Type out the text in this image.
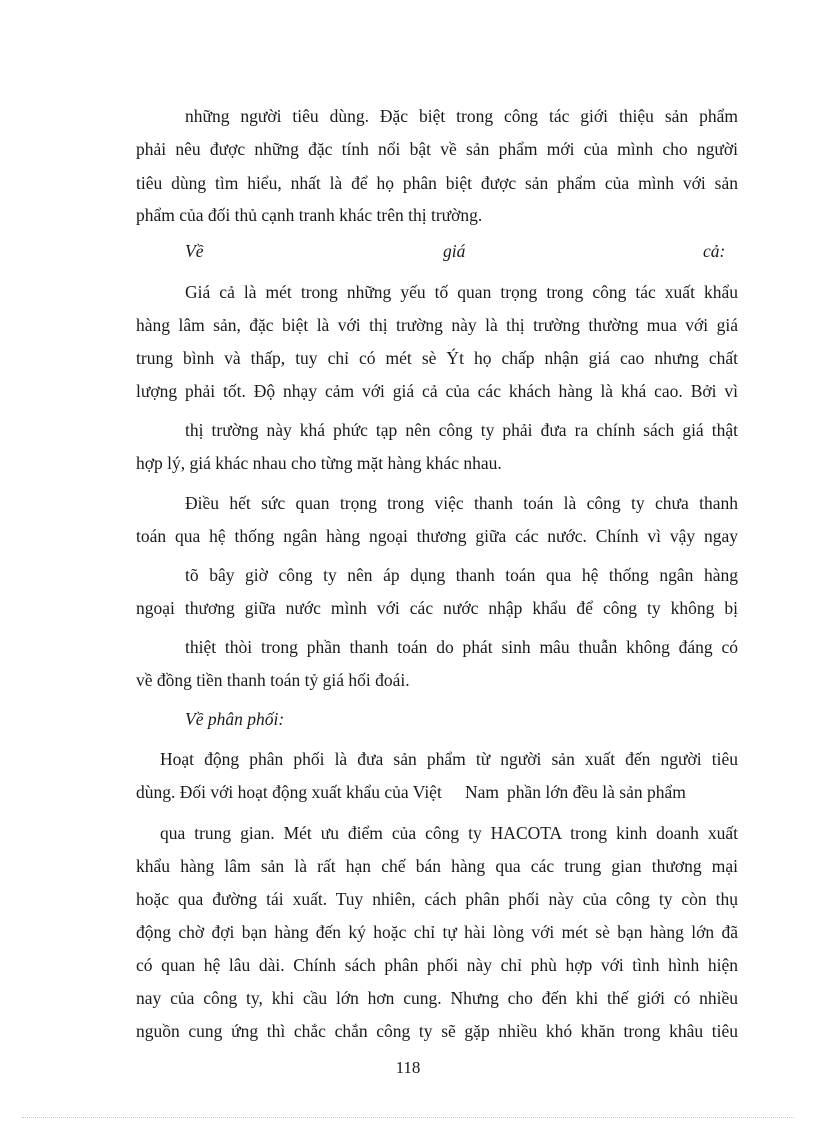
những người tiêu dùng. Đặc biệt trong công tác giới thiệu sản phẩm
phải nêu được những đặc tính nổi bật về sản phẩm mới của mình cho người
tiêu dùng tìm hiểu, nhất là để họ phân biệt được sản phẩm của mình với sản
phẩm của đối thủ cạnh tranh khác trên thị trường.
Về	giá	cả:
Giá cả là mét trong những yếu tố quan trọng trong công tác xuất khẩu
hàng lâm sản, đặc biệt là với thị trường này là thị trường thường mua với giá
trung bình và thấp, tuy chỉ có mét sè Ýt họ chấp nhận giá cao nhưng chất
lượng phải tốt. Độ nhạy cảm với giá cả của các khách hàng là khá cao. Bởi vì
thị trường này khá phức tạp nên công ty phải đưa ra chính sách giá thật
hợp lý, giá khác nhau cho từng mặt hàng khác nhau.
Điều hết sức quan trọng trong việc thanh toán là công ty chưa thanh
toán qua hệ thống ngân hàng ngoại thương giữa các nước. Chính vì vậy ngay
tõ bây giờ công ty nên áp dụng thanh toán qua hệ thống ngân hàng
ngoại thương giữa nước mình với các nước nhập khẩu để công ty không bị
thiệt thòi trong phần thanh toán do phát sinh mâu thuẫn không đáng có
về đồng tiền thanh toán tỷ giá hối đoái.
Về phân phối:
Hoạt động phân phối là đưa sản phẩm từ người sản xuất đến người tiêu
dùng. Đối với hoạt động xuất khẩu của Việt Nam phần lớn đều là sản phẩm
qua trung gian. Mét ưu điểm của công ty HACOTA trong kinh doanh xuất
khẩu hàng lâm sản là rất hạn chế bán hàng qua các trung gian thương mại
hoặc qua đường tái xuất. Tuy nhiên, cách phân phối này của công ty còn thụ
động chờ đợi bạn hàng đến ký hoặc chỉ tự hài lòng với mét sè bạn hàng lớn đã
có quan hệ lâu dài. Chính sách phân phối này chỉ phù hợp với tình hình hiện
nay của công ty, khi cầu lớn hơn cung. Nhưng cho đến khi thế giới có nhiều
nguồn cung ứng thì chắc chắn công ty sẽ gặp nhiều khó khăn trong khâu tiêu
118
